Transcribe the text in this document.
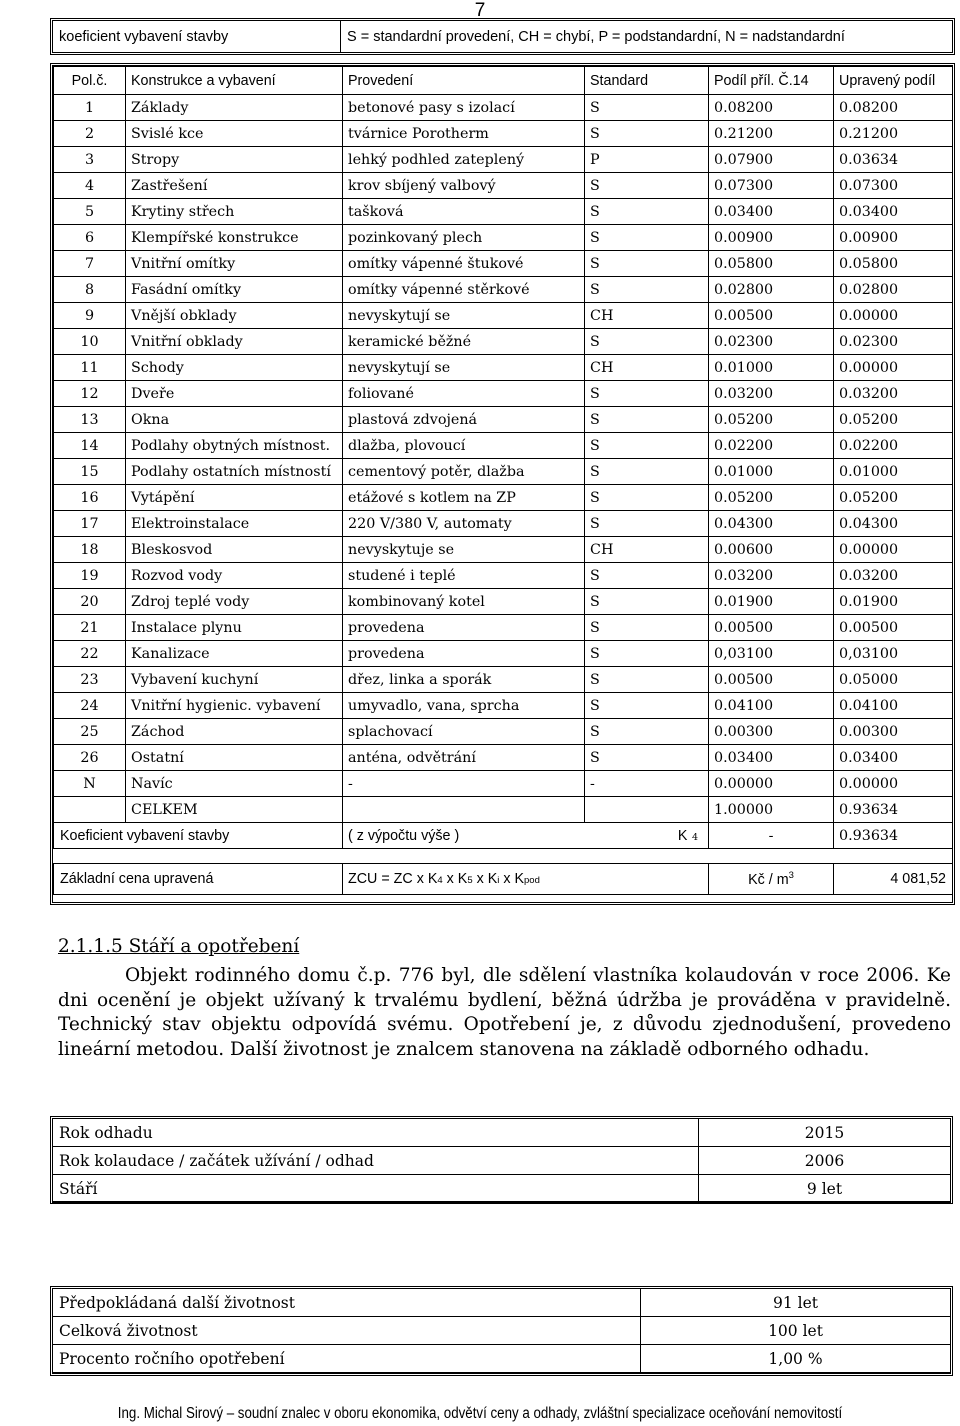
7
koeficient vybavení stavby	S = standardní provedení, CH = chybí, P = podstandardní, N = nadstandardní
Pol.č.	Konstrukce a vybavení	Provedení	Standard	Podíl příl. Č.14	Upravený podíl
1	Základy	betonové pasy s izolací	S	0.08200	0.08200
2	Svislé kce	tvárnice Porotherm	S	0.21200	0.21200
3	Stropy	lehký podhled zateplený	P	0.07900	0.03634
4	Zastřešení	krov sbíjený valbový	S	0.07300	0.07300
5	Krytiny střech	tašková	S	0.03400	0.03400
6	Klempířské konstrukce	pozinkovaný plech	S	0.00900	0.00900
7	Vnitřní omítky	omítky vápenné štukové	S	0.05800	0.05800
8	Fasádní omítky	omítky vápenné stěrkové	S	0.02800	0.02800
9	Vnější obklady	nevyskytují se	CH	0.00500	0.00000
10	Vnitřní obklady	keramické běžné	S	0.02300	0.02300
11	Schody	nevyskytují se	CH	0.01000	0.00000
12	Dveře	foliované	S	0.03200	0.03200
13	Okna	plastová zdvojená	S	0.05200	0.05200
14	Podlahy obytných místnost.	dlažba, plovoucí	S	0.02200	0.02200
15	Podlahy ostatních místností	cementový potěr, dlažba	S	0.01000	0.01000
16	Vytápění	etážové s kotlem na ZP	S	0.05200	0.05200
17	Elektroinstalace	220 V/380 V, automaty	S	0.04300	0.04300
18	Bleskosvod	nevyskytuje se	CH	0.00600	0.00000
19	Rozvod vody	studené i teplé	S	0.03200	0.03200
20	Zdroj teplé vody	kombinovaný kotel	S	0.01900	0.01900
21	Instalace plynu	provedena	S	0.00500	0.00500
22	Kanalizace	provedena	S	0,03100	0,03100
23	Vybavení kuchyní	dřez, linka a sporák	S	0.00500	0.05000
24	Vnitřní hygienic. vybavení	umyvadlo, vana, sprcha	S	0.04100	0.04100
25	Záchod	splachovací	S	0.00300	0.00300
26	Ostatní	anténa, odvětrání	S	0.03400	0.03400
N	Navíc	-	-	0.00000	0.00000
	CELKEM			1.00000	0.93634
Koeficient vybavení stavby		( z výpočtu výše )	K 4	-	0.93634

Základní cena upravená		ZCU = ZC x K4 x K5 x Ki x Kpod		Kč / $m^3$	4 081,52
2.1.1.5 Stáří a opotřebení
Objekt rodinného domu č.p. 776 byl, dle sdělení vlastníka kolaudován v roce 2006. Ke dni ocenění je objekt užívaný k trvalému bydlení, běžná údržba je prováděna v pravidelně. Technický stav objektu odpovídá svému. Opotřebení je, z důvodu zjednodušení, provedeno lineární metodou. Další životnost je znalcem stanovena na základě odborného odhadu.
Rok odhadu	2015
Rok kolaudace / začátek užívání / odhad	2006
Stáří	9 let
Předpokládaná další životnost	91 let
Celková životnost	100 let
Procento ročního opotřebení	1,00 %
Ing. Michal Sirový – soudní znalec v oboru ekonomika, odvětví ceny a odhady, zvláštní specializace oceňování nemovitostí
